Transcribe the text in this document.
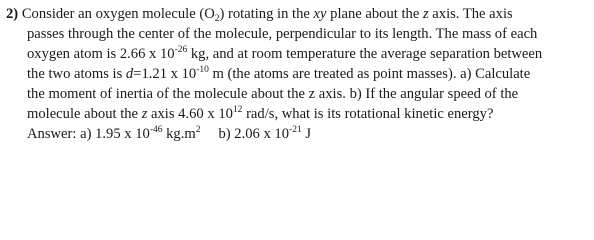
2) Consider an oxygen molecule $(O_2)$ rotating in the xy plane about the z axis. The axis
passes through the center of the molecule, perpendicular to its length. The mass of each
oxygen atom is 2.66 x $10^{-26}$ kg, and at room temperature the average separation between
the two atoms is d=1.21 x $10^{-10}$ m (the atoms are treated as point masses). a) Calculate
the moment of inertia of the molecule about the z axis. b) If the angular speed of the
molecule about the z axis 4.60 x $10^{12}$ rad/s, what is its rotational kinetic energy?
Answer: a) 1.95 x $10^{-46}$ $kg.m^2$ b) 2.06 x $10^{-21}$ J
